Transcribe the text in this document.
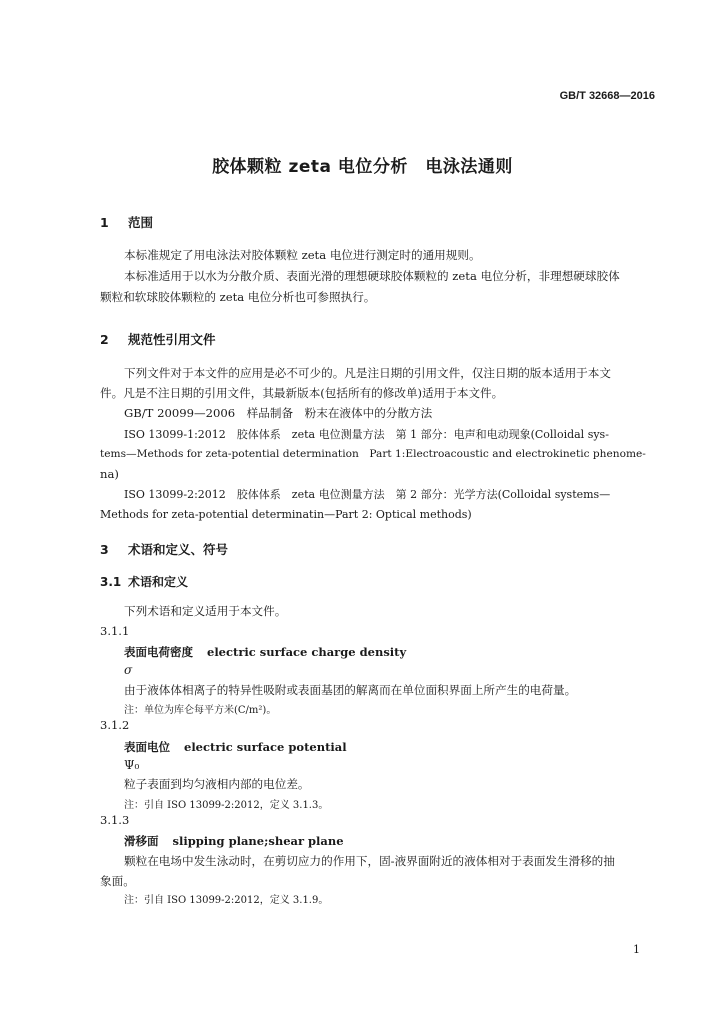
GB/T 32668—2016
胶体颗粒 zeta 电位分析　电泳法通则
1 范围
本标准规定了用电泳法对胶体颗粒 zeta 电位进行测定时的通用规则。
本标准适用于以水为分散介质、表面光滑的理想硬球胶体颗粒的 zeta 电位分析，非理想硬球胶体
颗粒和软球胶体颗粒的 zeta 电位分析也可参照执行。
2 规范性引用文件
下列文件对于本文件的应用是必不可少的。凡是注日期的引用文件，仅注日期的版本适用于本文
件。凡是不注日期的引用文件，其最新版本(包括所有的修改单)适用于本文件。
GB/T 20099—2006　样品制备　粉末在液体中的分散方法
ISO 13099-1:2012　胶体体系　zeta 电位测量方法　第 1 部分：电声和电动现象(Colloidal sys-
tems—Methods for zeta-potential determination　Part 1:Electroacoustic and electrokinetic phenome-
na)
ISO 13099-2:2012　胶体体系　zeta 电位测量方法　第 2 部分：光学方法(Colloidal systems—
Methods for zeta-potential determinatin—Part 2: Optical methods)
3 术语和定义、符号
3.1 术语和定义
下列术语和定义适用于本文件。
3.1.1
表面电荷密度 electric surface charge density
σ
由于液体体相离子的特异性吸附或表面基团的解离而在单位面积界面上所产生的电荷量。
注：单位为库仑每平方米(C/m²)。
3.1.2
表面电位 electric surface potential
Ψ₀
粒子表面到均匀液相内部的电位差。
注：引自 ISO 13099-2:2012，定义 3.1.3。
3.1.3
滑移面 slipping plane;shear plane
颗粒在电场中发生泳动时，在剪切应力的作用下，固-液界面附近的液体相对于表面发生滑移的抽
象面。
注：引自 ISO 13099-2:2012，定义 3.1.9。
1
